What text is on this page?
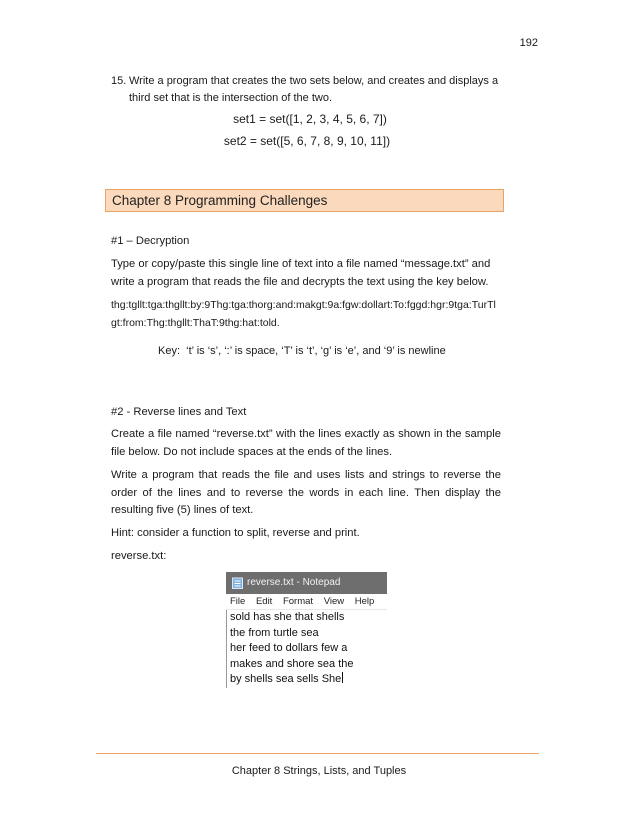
192
15. Write a program that creates the two sets below, and creates and displays a third set that is the intersection of the two.
set1 = set([1, 2, 3, 4, 5, 6, 7])
set2 = set([5, 6, 7, 8, 9, 10, 11])
Chapter 8 Programming Challenges
#1 – Decryption
Type or copy/paste this single line of text into a file named “message.txt” and write a program that reads the file and decrypts the text using the key below.
thg:tgllt:tga:thgllt:by:9Thg:tga:thorg:and:makgt:9a:fgw:dollart:To:fggd:hgr:9tga:TurTlgt:from:Thg:thgllt:ThaT:9thg:hat:told.
Key:  ‘t’ is ‘s’, ‘:’ is space, ‘T’ is ‘t’, ‘g’ is ‘e’, and ‘9’ is newline
#2 - Reverse lines and Text
Create a file named “reverse.txt” with the lines exactly as shown in the sample file below. Do not include spaces at the ends of the lines.
Write a program that reads the file and uses lists and strings to reverse the order of the lines and to reverse the words in each line. Then display the resulting five (5) lines of text.
Hint: consider a function to split, reverse and print.
reverse.txt:
reverse.txt - Notepad
File Edit Format View Help
sold has she that shells
the from turtle sea
her feed to dollars few a
makes and shore sea the
by shells sea sells She
Chapter 8 Strings, Lists, and Tuples
